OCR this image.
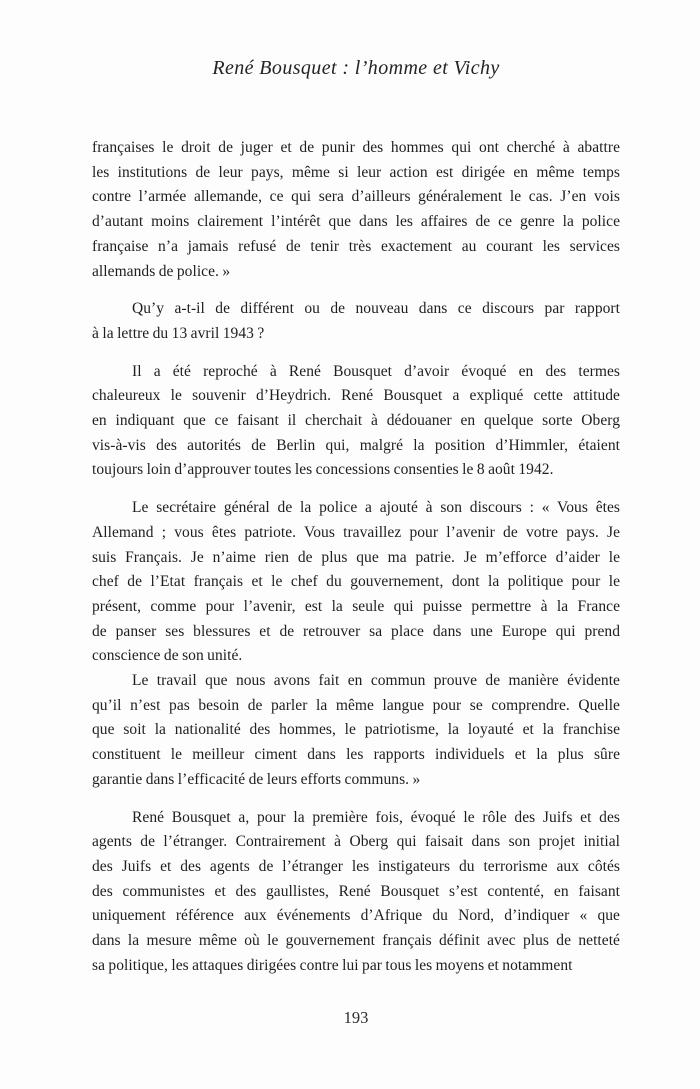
René Bousquet : l’homme et Vichy
françaises le droit de juger et de punir des hommes qui ont cherché à abattre
les institutions de leur pays, même si leur action est dirigée en même temps
contre l’armée allemande, ce qui sera d’ailleurs généralement le cas. J’en vois
d’autant moins clairement l’intérêt que dans les affaires de ce genre la police
française n’a jamais refusé de tenir très exactement au courant les services
allemands de police. »
Qu’y a-t-il de différent ou de nouveau dans ce discours par rapport
à la lettre du 13 avril 1943 ?
Il a été reproché à René Bousquet d’avoir évoqué en des termes
chaleureux le souvenir d’Heydrich. René Bousquet a expliqué cette attitude
en indiquant que ce faisant il cherchait à dédouaner en quelque sorte Oberg
vis-à-vis des autorités de Berlin qui, malgré la position d’Himmler, étaient
toujours loin d’approuver toutes les concessions consenties le 8 août 1942.
Le secrétaire général de la police a ajouté à son discours : « Vous êtes
Allemand ; vous êtes patriote. Vous travaillez pour l’avenir de votre pays. Je
suis Français. Je n’aime rien de plus que ma patrie. Je m’efforce d’aider le
chef de l’Etat français et le chef du gouvernement, dont la politique pour le
présent, comme pour l’avenir, est la seule qui puisse permettre à la France
de panser ses blessures et de retrouver sa place dans une Europe qui prend
conscience de son unité.
Le travail que nous avons fait en commun prouve de manière évidente
qu’il n’est pas besoin de parler la même langue pour se comprendre. Quelle
que soit la nationalité des hommes, le patriotisme, la loyauté et la franchise
constituent le meilleur ciment dans les rapports individuels et la plus sûre
garantie dans l’efficacité de leurs efforts communs. »
René Bousquet a, pour la première fois, évoqué le rôle des Juifs et des
agents de l’étranger. Contrairement à Oberg qui faisait dans son projet initial
des Juifs et des agents de l’étranger les instigateurs du terrorisme aux côtés
des communistes et des gaullistes, René Bousquet s’est contenté, en faisant
uniquement référence aux événements d’Afrique du Nord, d’indiquer « que
dans la mesure même où le gouvernement français définit avec plus de netteté
sa politique, les attaques dirigées contre lui par tous les moyens et notamment
193
